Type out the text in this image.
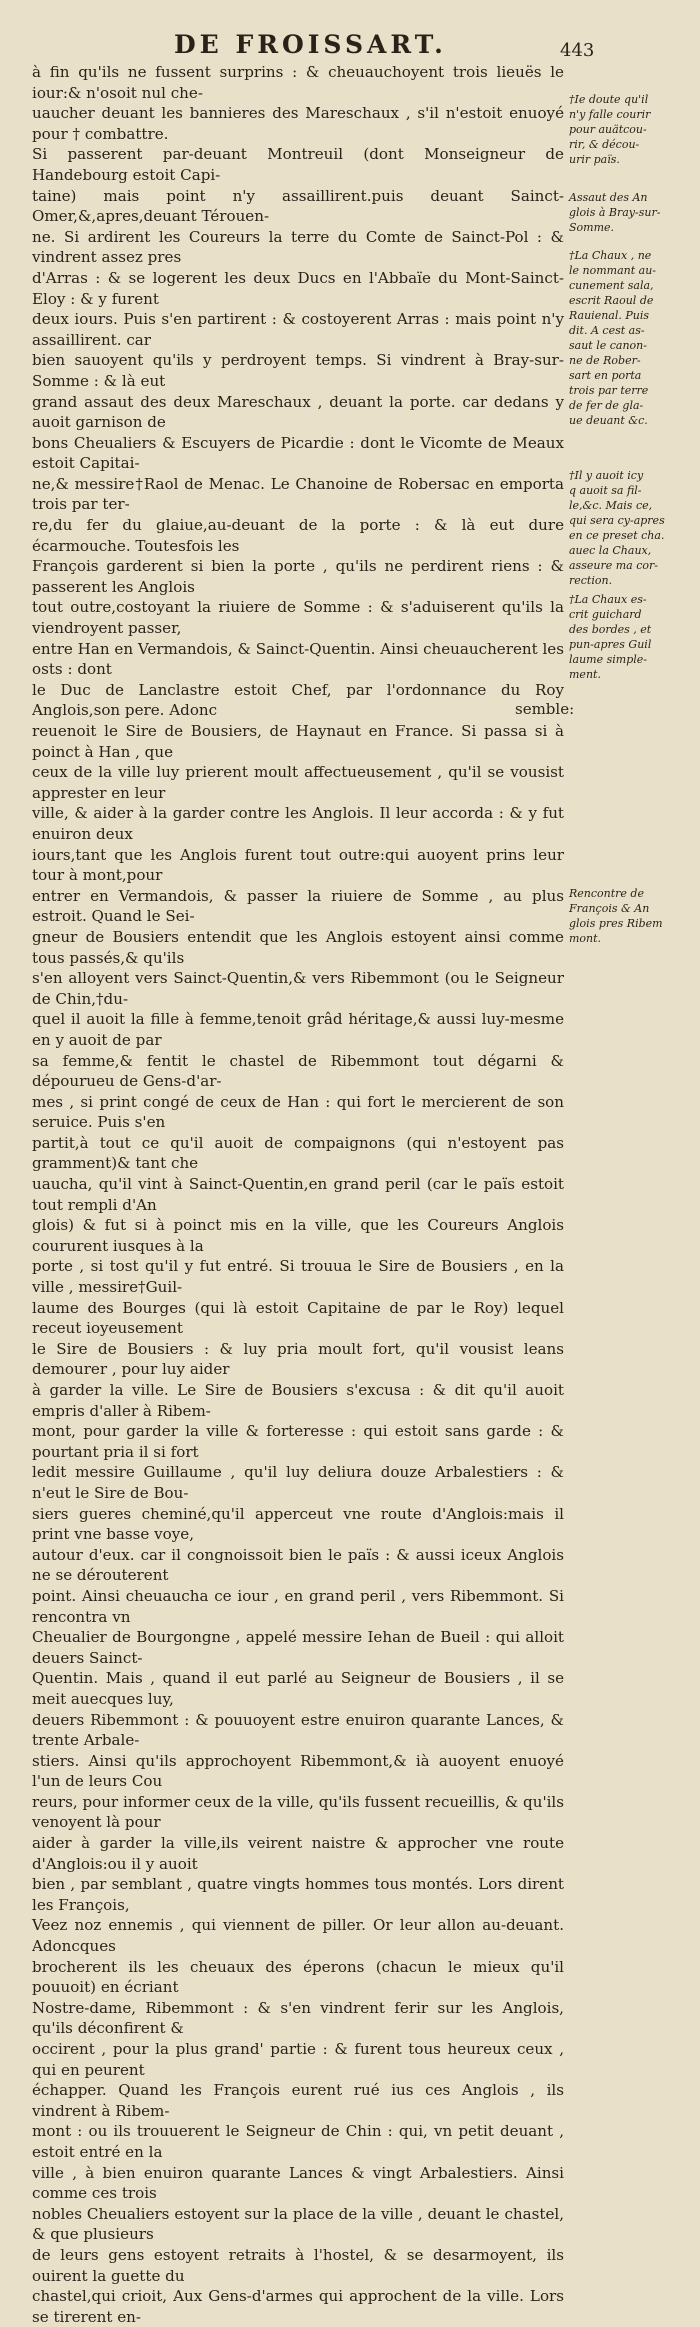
DE FROISSART.	443

à fin qu'ils ne fussent surprins : & cheuauchoyent trois lieuës le iour:& n'osoit nul che-

uaucher deuant les bannieres des Mareschaux , s'il n'estoit enuoyé pour † combattre.

Si passerent par-deuant Montreuil (dont Monseigneur de Handebourg estoit Capi-

taine) mais point n'y assaillirent.puis deuant Sainct-Omer,&,apres,deuant Térouen-

ne. Si ardirent les Coureurs la terre du Comte de Sainct-Pol : & vindrent assez pres

d'Arras : & se logerent les deux Ducs en l'Abbaïe du Mont-Sainct-Eloy : & y furent

deux iours. Puis s'en partirent : & costoyerent Arras : mais point n'y assaillirent. car

bien sauoyent qu'ils y perdroyent temps. Si vindrent à Bray-sur-Somme : & là eut

grand assaut des deux Mareschaux , deuant la porte. car dedans y auoit garnison de

bons Cheualiers & Escuyers de Picardie : dont le Vicomte de Meaux estoit Capitai-

ne,& messire†Raol de Menac. Le Chanoine de Robersac en emporta trois par ter-

re,du fer du glaiue,au-deuant de la porte : & là eut dure écarmouche. Toutesfois les

François garderent si bien la porte , qu'ils ne perdirent riens : & passerent les Anglois

tout outre,costoyant la riuiere de Somme : & s'aduiserent qu'ils la viendroyent passer,

entre Han en Vermandois, & Sainct-Quentin. Ainsi cheuaucherent les osts : dont

le Duc de Lanclastre estoit Chef, par l'ordonnance du Roy Anglois,son pere. Adonc

reuenoit le Sire de Bousiers, de Haynaut en France. Si passa si à poinct à Han , que

ceux de la ville luy prierent moult affectueusement , qu'il se vousist apprester en leur

ville, & aider à la garder contre les Anglois. Il leur accorda : & y fut enuiron deux

iours,tant que les Anglois furent tout outre:qui auoyent prins leur tour à mont,pour

entrer en Vermandois, & passer la riuiere de Somme , au plus estroit. Quand le Sei-

gneur de Bousiers entendit que les Anglois estoyent ainsi comme tous passés,& qu'ils

s'en alloyent vers Sainct-Quentin,& vers Ribemmont (ou le Seigneur de Chin,†du-

quel il auoit la fille à femme,tenoit grâd héritage,& aussi luy-mesme en y auoit de par

sa femme,& fentit le chastel de Ribemmont tout dégarni & dépourueu de Gens-d'ar-

mes , si print congé de ceux de Han : qui fort le mercierent de son seruice. Puis s'en

partit,à tout ce qu'il auoit de compaignons (qui n'estoyent pas gramment)& tant che

uaucha, qu'il vint à Sainct-Quentin,en grand peril (car le païs estoit tout rempli d'An

glois) & fut si à poinct mis en la ville, que les Coureurs Anglois coururent iusques à la

porte , si tost qu'il y fut entré. Si trouua le Sire de Bousiers , en la ville , messire†Guil-

laume des Bourges (qui là estoit Capitaine de par le Roy) lequel receut ioyeusement

le Sire de Bousiers : & luy pria moult fort, qu'il vousist leans demourer , pour luy aider

à garder la ville. Le Sire de Bousiers s'excusa : & dit qu'il auoit empris d'aller à Ribem-

mont, pour garder la ville & forteresse : qui estoit sans garde : & pourtant pria il si fort

ledit messire Guillaume , qu'il luy deliura douze Arbalestiers : & n'eut le Sire de Bou-

siers gueres cheminé,qu'il apperceut vne route d'Anglois:mais il print vne basse voye,

autour d'eux. car il congnoissoit bien le païs : & aussi iceux Anglois ne se dérouterent

point. Ainsi cheuaucha ce iour , en grand peril , vers Ribemmont. Si rencontra vn

Cheualier de Bourgongne , appelé messire Iehan de Bueil : qui alloit deuers Sainct-

Quentin. Mais , quand il eut parlé au Seigneur de Bousiers , il se meit auecques luy,

deuers Ribemmont : & pouuoyent estre enuiron quarante Lances, & trente Arbale-

stiers. Ainsi qu'ils approchoyent Ribemmont,& ià auoyent enuoyé l'un de leurs Cou

reurs, pour informer ceux de la ville, qu'ils fussent recueillis, & qu'ils venoyent là pour

aider à garder la ville,ils veirent naistre & approcher vne route d'Anglois:ou il y auoit

bien , par semblant , quatre vingts hommes tous montés. Lors dirent les François,

Veez noz ennemis , qui viennent de piller. Or leur allon au-deuant. Adoncques

brocherent ils les cheuaux des éperons (chacun le mieux qu'il pouuoit) en écriant

Nostre-dame, Ribemmont : & s'en vindrent ferir sur les Anglois, qu'ils déconfirent &

occirent , pour la plus grand' partie : & furent tous heureux ceux , qui en peurent

échapper. Quand les François eurent rué ius ces Anglois , ils vindrent à Ribem-

mont : ou ils trouuerent le Seigneur de Chin : qui, vn petit deuant , estoit entré en la

ville , à bien enuiron quarante Lances & vingt Arbalestiers. Ainsi comme ces trois

nobles Cheualiers estoyent sur la place de la ville , deuant le chastel, & que plusieurs

de leurs gens estoyent retraits à l'hostel, & se desarmoyent, ils ouirent la guette du

chastel,qui crioit, Aux Gens-d'armes qui approchent de la ville. Lors se tirerent en-

semble:
†Ie doute qu'il
n'y falle courir
pour auätcou-
rir, & décou-
urir païs.
Assaut des An
glois à Bray-sur-
Somme.
†La Chaux , ne
le nommant au-
cunement sala,
escrit Raoul de
Rauienal. Puis
dit. A cest as-
saut le canon-
ne de Rober-
sart en porta
trois par terre
de fer de gla-
ue deuant &c.
†Il y auoit icy
q auoit sa fil-
le,&c. Mais ce,
qui sera cy-apres
en ce preset cha.
auec la Chaux,
asseure ma cor-
rection.
†La Chaux es-
crit guichard
des bordes , et
pun-apres Guil
laume simple-
ment.
Rencontre de
François & An
glois pres Ribem
mont.
